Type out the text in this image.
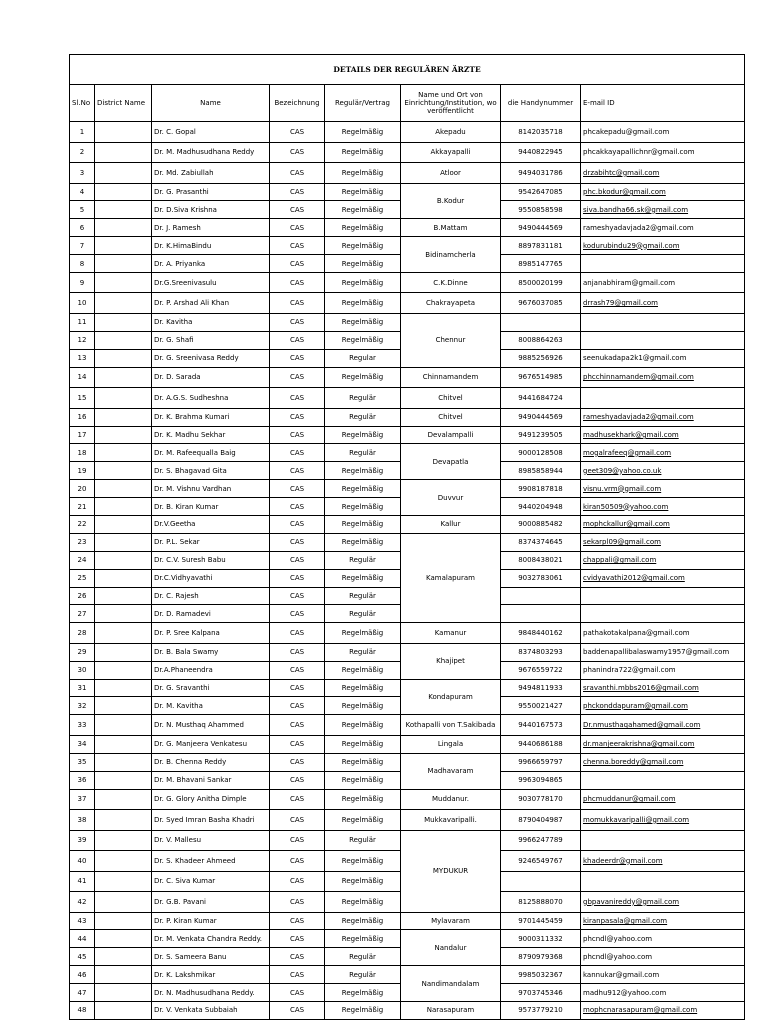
DETAILS DER REGULÄREN ÄRZTE							
Sl.No	District Name	Name	Bezeichnung	Regulär/Vertrag	Name und Ort von Einrichtung/Institution, wo veröffentlicht	die Handynummer	E-mail ID
1		Dr. C. Gopal	CAS	Regelmäßig	Akepadu	8142035718	phcakepadu@gmail.com
2		Dr. M. Madhusudhana Reddy	CAS	Regelmäßig	Akkayapalli	9440822945	phcakkayapallichnr@gmail.com
3		Dr. Md. Zabiullah	CAS	Regelmäßig	Atloor	9494031786	drzabihtc@gmail.com
4		Dr. G. Prasanthi	CAS	Regelmäßig	B.Kodur	9542647085	phc.bkodur@gmail.com
5		Dr. D.Siva Krishna	CAS	Regelmäßig		9550858598	siva.bandha66.sk@gmail.com
6		Dr. J. Ramesh	CAS	Regelmäßig	B.Mattam	9490444569	rameshyadavjada2@gmail.com
7		Dr. K.HimaBindu	CAS	Regelmäßig	Bidinamcherla	8897831181	kodurubindu29@gmail.com
8		Dr. A. Priyanka	CAS	Regelmäßig		8985147765	
9		Dr.G.Sreenivasulu	CAS	Regelmäßig	C.K.Dinne	8500020199	anjanabhiram@gmail.com
10		Dr. P. Arshad Ali Khan	CAS	Regelmäßig	Chakrayapeta	9676037085	drrash79@gmail.com
11		Dr. Kavitha	CAS	Regelmäßig	Chennur		
12		Dr. G. Shafi	CAS	Regelmäßig		8008864263	
13		Dr. G. Sreenivasa Reddy	CAS	Regular		9885256926	seenukadapa2k1@gmail.com
14		Dr. D. Sarada	CAS	Regelmäßig	Chinnamandem	9676514985	phcchinnamandem@gmail.com
15		Dr. A.G.S. Sudheshna	CAS	Regulär	Chitvel	9441684724	
16		Dr. K. Brahma Kumari	CAS	Regulär	Chitvel	9490444569	rameshyadavjada2@gmail.com
17		Dr. K. Madhu Sekhar	CAS	Regelmäßig	Devalampalli	9491239505	madhusekhark@gmail.com
18		Dr. M. Rafeequalla Baig	CAS	Regulär	Devapatla	9000128508	mogalrafeeq@gmail.com
19		Dr. S. Bhagavad Gita	CAS	Regelmäßig		8985858944	geet309@yahoo.co.uk
20		Dr. M. Vishnu Vardhan	CAS	Regelmäßig	Duvvur	9908187818	visnu.vrm@gmail.com
21		Dr. B. Kiran Kumar	CAS	Regelmäßig		9440204948	kiran50509@yahoo.com
22		Dr.V.Geetha	CAS	Regelmäßig	Kallur	9000885482	mophckallur@gmail.com
23		Dr. P.L. Sekar	CAS	Regelmäßig	Kamalapuram	8374374645	sekarpl09@gmail.com
24		Dr. C.V. Suresh Babu	CAS	Regulär		8008438021	chappali@gmail.com
25		Dr.C.Vidhyavathi	CAS	Regelmäßig		9032783061	cvidyavathi2012@gmail.com
26		Dr. C. Rajesh	CAS	Regulär			
27		Dr. D. Ramadevi	CAS	Regulär			
28		Dr. P. Sree Kalpana	CAS	Regelmäßig	Kamanur	9848440162	pathakotakalpana@gmail.com
29		Dr. B. Bala Swamy	CAS	Regulär	Khajipet	8374803293	baddenapallibalaswamy1957@gmail.com
30		Dr.A.Phaneendra	CAS	Regelmäßig		9676559722	phanindra722@gmail.com
31		Dr. G. Sravanthi	CAS	Regelmäßig	Kondapuram	9494811933	sravanthi.mbbs2016@gmail.com
32		Dr. M. Kavitha	CAS	Regelmäßig		9550021427	phckonddapuram@gmail.com
33		Dr. N. Musthaq Ahammed	CAS	Regelmäßig	Kothapalli von T.Sakibada	9440167573	Dr.nmusthaqahamed@gmail.com
34		Dr. G. Manjeera Venkatesu	CAS	Regelmäßig	Lingala	9440686188	dr.manjeerakrishna@gmail.com
35		Dr. B. Chenna Reddy	CAS	Regelmäßig	Madhavaram	9966659797	chenna.boreddy@gmail.com
36		Dr. M. Bhavani Sankar	CAS	Regelmäßig		9963094865	
37		Dr. G. Glory Anitha Dimple	CAS	Regelmäßig	Muddanur.	9030778170	phcmuddanur@gmail.com
38		Dr. Syed Imran Basha Khadri	CAS	Regelmäßig	Mukkavaripalli.	8790404987	momukkavaripalli@gmail.com
39		Dr. V. Mallesu	CAS	Regulär	MYDUKUR	9966247789	
40		Dr. S. Khadeer Ahmeed	CAS	Regelmäßig		9246549767	khadeerdr@gmail.com
41		Dr. C. Siva Kumar	CAS	Regelmäßig			
42		Dr. G.B. Pavani	CAS	Regelmäßig		8125888070	gbpavanireddy@gmail.com
43		Dr. P. Kiran Kumar	CAS	Regelmäßig	Mylavaram	9701445459	kiranpasala@gmail.com
44		Dr. M. Venkata Chandra Reddy.	CAS	Regelmäßig	Nandalur	9000311332	phcndl@yahoo.com
45		Dr. S. Sameera Banu	CAS	Regulär		8790979368	phcndl@yahoo.com
46		Dr. K. Lakshmikar	CAS	Regulär	Nandimandalam	9985032367	kannukar@gmail.com
47		Dr. N. Madhusudhana Reddy.	CAS	Regelmäßig		9703745346	madhu912@yahoo.com
48		Dr. V. Venkata Subbaiah	CAS	Regelmäßig	Narasapuram	9573779210	mophcnarasapuram@gmail.com
